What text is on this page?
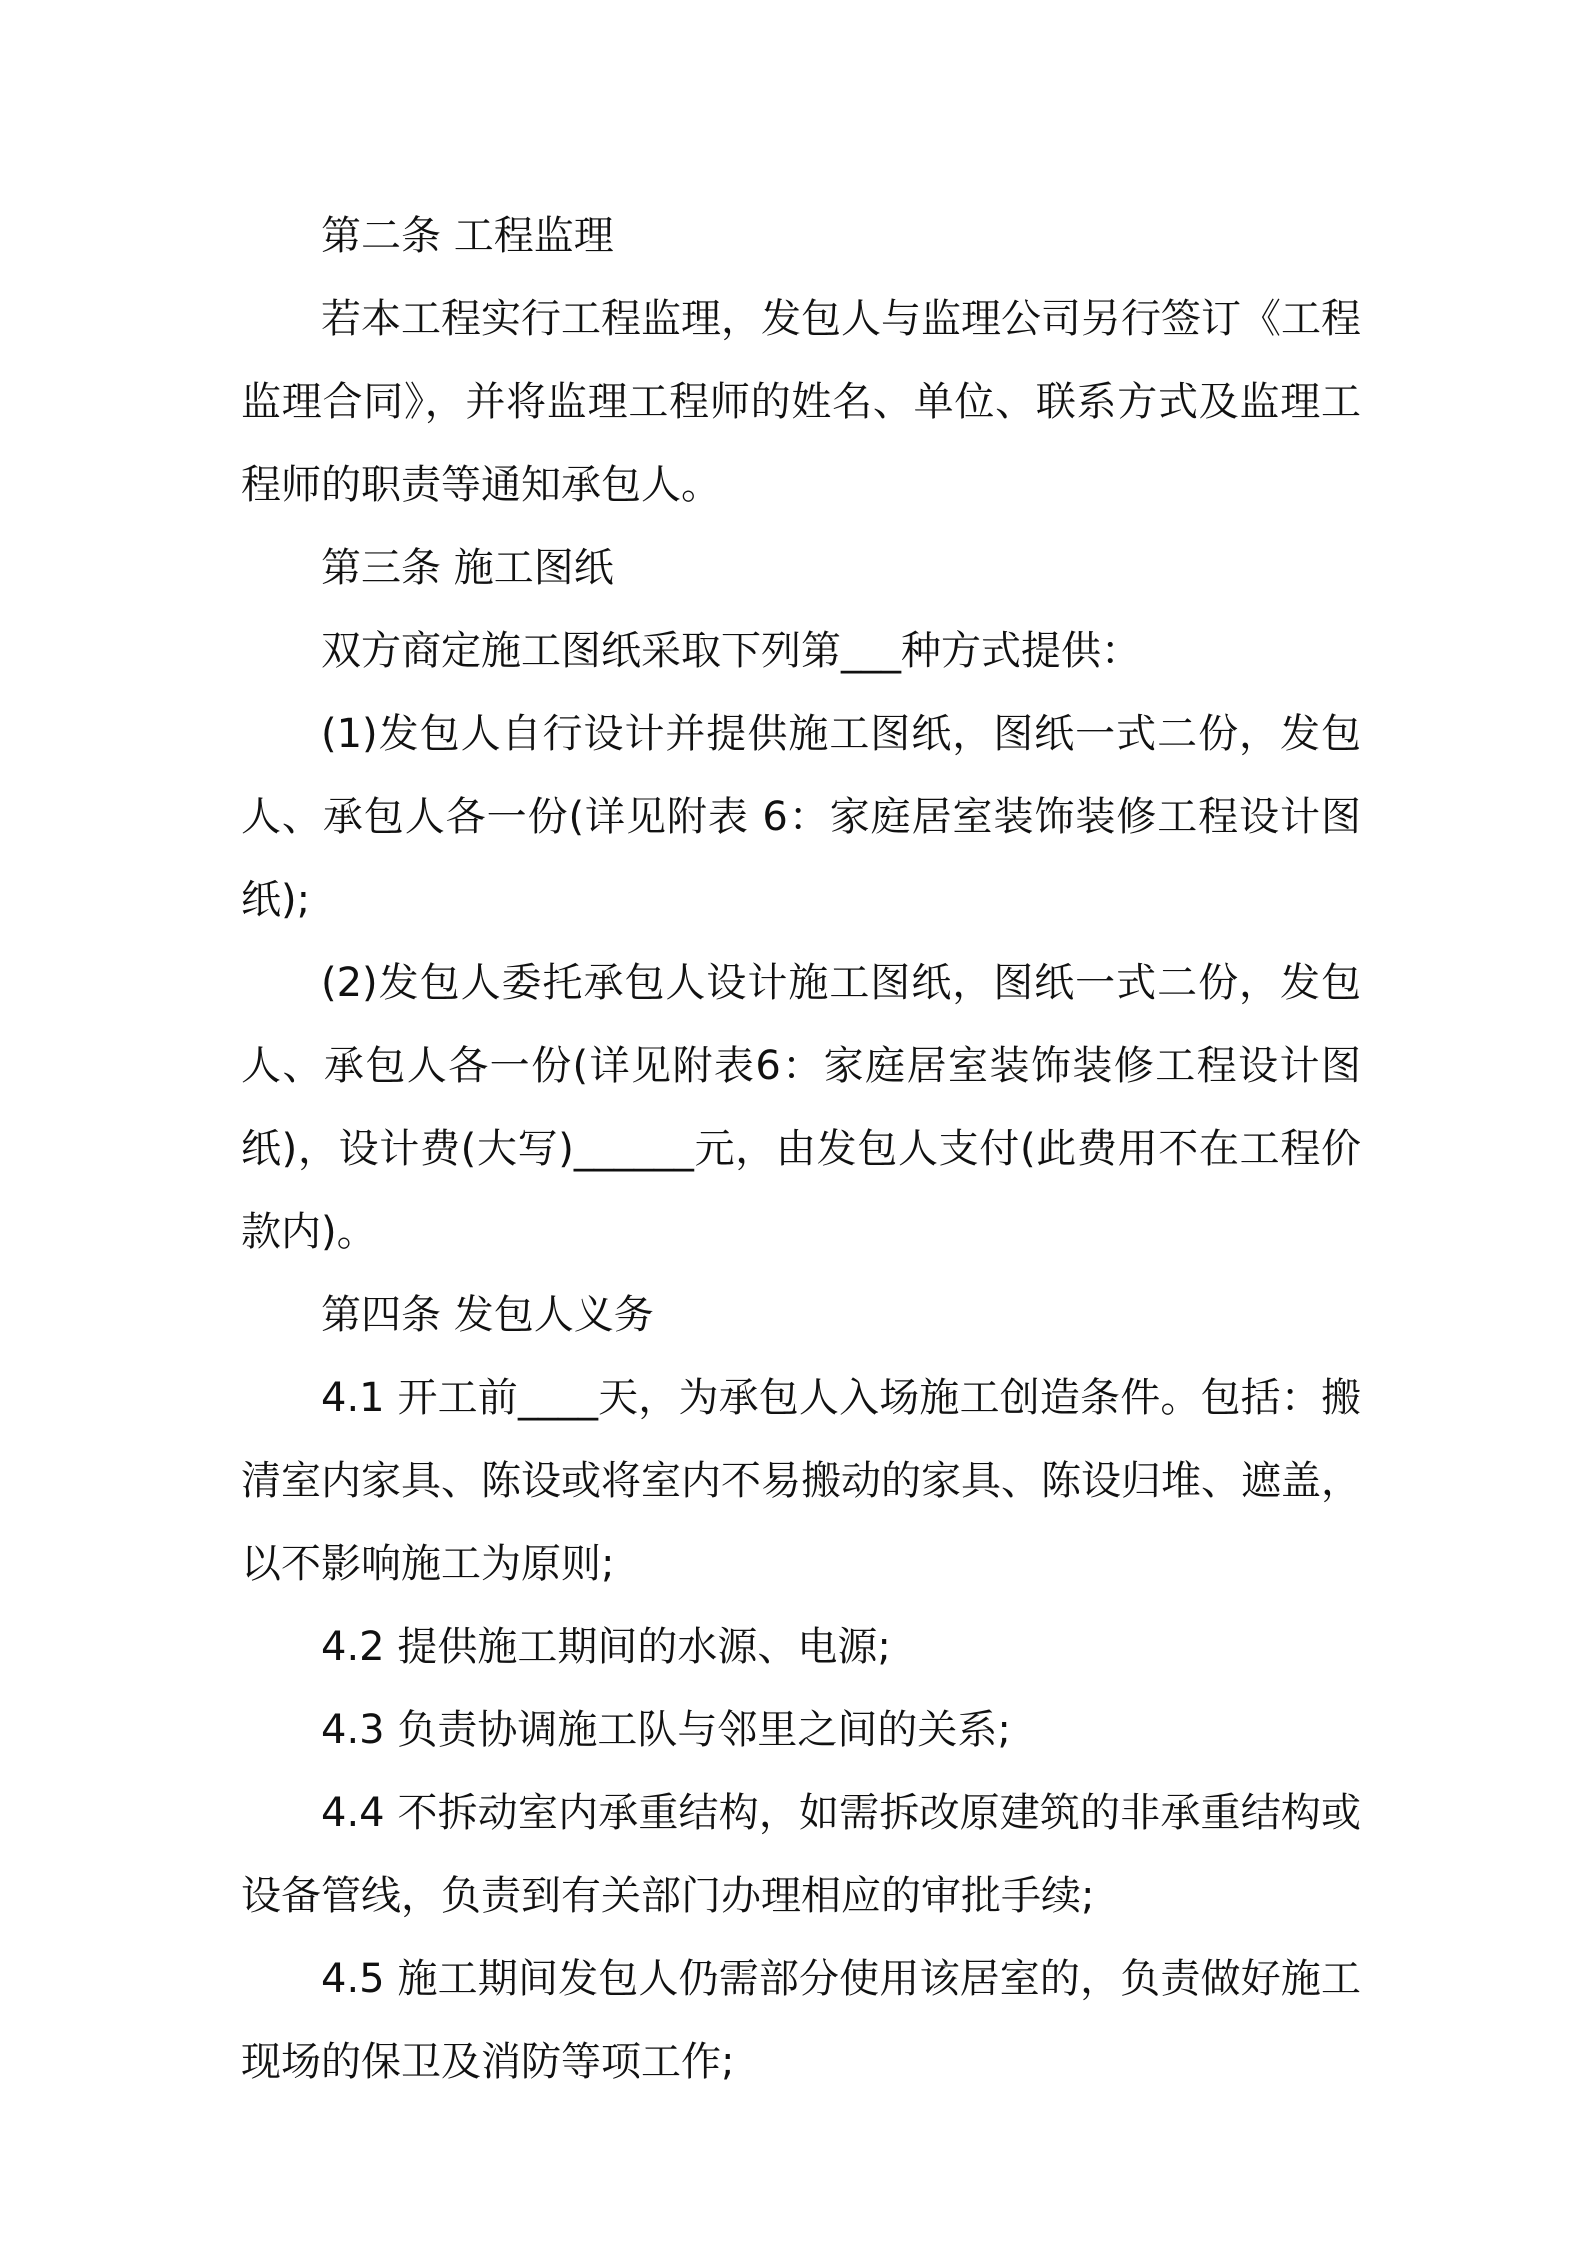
第二条 工程监理

若本工程实行工程监理，发包人与监理公司另行签订《工程监理合同》，并将监理工程师的姓名、单位、联系方式及监理工程师的职责等通知承包人。

第三条 施工图纸

双方商定施工图纸采取下列第___种方式提供：

(1)发包人自行设计并提供施工图纸，图纸一式二份，发包人、承包人各一份(详见附表 6：家庭居室装饰装修工程设计图纸);

(2)发包人委托承包人设计施工图纸，图纸一式二份，发包人、承包人各一份(详见附表6：家庭居室装饰装修工程设计图纸)，设计费(大写)______元，由发包人支付(此费用不在工程价款内)。

第四条 发包人义务

4.1 开工前____天，为承包人入场施工创造条件。包括：搬清室内家具、陈设或将室内不易搬动的家具、陈设归堆、遮盖，以不影响施工为原则;

4.2 提供施工期间的水源、电源;

4.3 负责协调施工队与邻里之间的关系;

4.4 不拆动室内承重结构，如需拆改原建筑的非承重结构或设备管线，负责到有关部门办理相应的审批手续;

4.5 施工期间发包人仍需部分使用该居室的，负责做好施工现场的保卫及消防等项工作;
